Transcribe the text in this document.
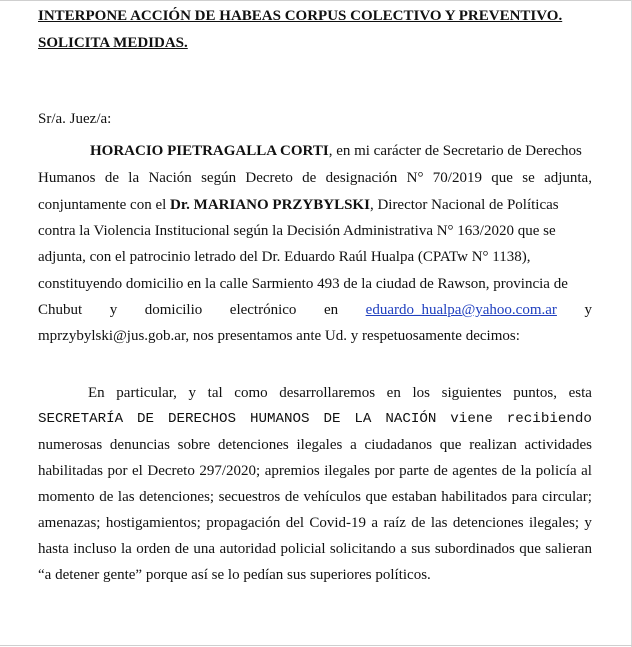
INTERPONE ACCIÓN DE HABEAS CORPUS COLECTIVO Y PREVENTIVO.
SOLICITA MEDIDAS.
Sr/a. Juez/a:
HORACIO PIETRAGALLA CORTI, en mi carácter de Secretario de Derechos
Humanos de la Nación según Decreto de designación N° 70/2019 que se adjunta,
conjuntamente con el Dr. MARIANO PRZYBYLSKI, Director Nacional de Políticas
contra la Violencia Institucional según la Decisión Administrativa N° 163/2020 que se
adjunta, con el patrocinio letrado del Dr. Eduardo Raúl Hualpa (CPATw N° 1138),
constituyendo domicilio en la calle Sarmiento 493 de la ciudad de Rawson, provincia de
Chubut y domicilio electrónico en eduardo_hualpa@yahoo.com.ar y
mprzybylski@jus.gob.ar, nos presentamos ante Ud. y respetuosamente decimos:
En particular, y tal como desarrollaremos en los siguientes puntos, esta
SECRETARÍA DE DERECHOS HUMANOS DE LA NACIÓN viene recibiendo
numerosas denuncias sobre detenciones ilegales a ciudadanos que realizan actividades
habilitadas por el Decreto 297/2020; apremios ilegales por parte de agentes de la policía al
momento de las detenciones; secuestros de vehículos que estaban habilitados para circular;
amenazas; hostigamientos; propagación del Covid-19 a raíz de las detenciones ilegales; y
hasta incluso la orden de una autoridad policial solicitando a sus subordinados que salieran
“a detener gente” porque así se lo pedían sus superiores políticos.
